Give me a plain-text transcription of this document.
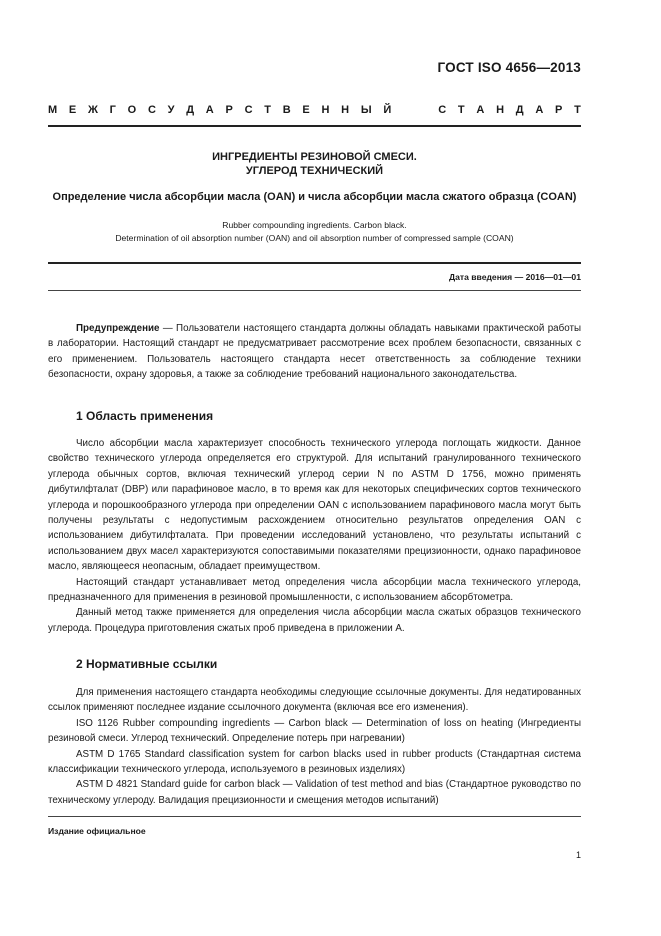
ГОСТ ISO 4656—2013
М Е Ж Г О С У Д А Р С Т В Е Н Н Ы Й	С Т А Н Д А Р Т
ИНГРЕДИЕНТЫ РЕЗИНОВОЙ СМЕСИ.
УГЛЕРОД ТЕХНИЧЕСКИЙ
Определение числа абсорбции масла (OAN) и числа абсорбции масла сжатого образца (COAN)
Rubber compounding ingredients. Carbon black.
Determination of oil absorption number (OAN) and oil absorption number of compressed sample (COAN)
Дата введения — 2016—01—01

Предупреждение — Пользователи настоящего стандарта должны обладать навыками практической работы в лаборатории. Настоящий стандарт не предусматривает рассмотрение всех проблем безопасности, связанных с его применением. Пользователь настоящего стандарта несет ответственность за соблюдение техники безопасности, охрану здоровья, а также за соблюдение требований национального законодательства.

1 Область применения

Число абсорбции масла характеризует способность технического углерода поглощать жидкости. Данное свойство технического углерода определяется его структурой. Для испытаний гранулированного технического углерода обычных сортов, включая технический углерод серии N по ASTM D 1756, можно применять дибутилфталат (DBP) или парафиновое масло, в то время как для некоторых специфических сортов технического углерода и порошкообразного углерода при определении OAN с использованием парафинового масла могут быть получены результаты с недопустимым расхождением относительно результатов определения OAN с использованием дибутилфталата. При проведении исследований установлено, что результаты испытаний с использованием двух масел характеризуются сопоставимыми показателями прецизионности, однако парафиновое масло, являющееся неопасным, обладает преимуществом.

Настоящий стандарт устанавливает метод определения числа абсорбции масла технического углерода, предназначенного для применения в резиновой промышленности, с использованием абсорбтометра.

Данный метод также применяется для определения числа абсорбции масла сжатых образцов технического углерода. Процедура приготовления сжатых проб приведена в приложении А.

2 Нормативные ссылки

Для применения настоящего стандарта необходимы следующие ссылочные документы. Для недатированных ссылок применяют последнее издание ссылочного документа (включая все его изменения).

ISO 1126 Rubber compounding ingredients — Carbon black — Determination of loss on heating (Ингредиенты резиновой смеси. Углерод технический. Определение потерь при нагревании)

ASTM D 1765 Standard classification system for carbon blacks used in rubber products (Стандартная система классификации технического углерода, используемого в резиновых изделиях)

ASTM D 4821 Standard guide for carbon black — Validation of test method and bias (Стандартное руководство по техническому углероду. Валидация прецизионности и смещения методов испытаний)

Издание официальное
1
